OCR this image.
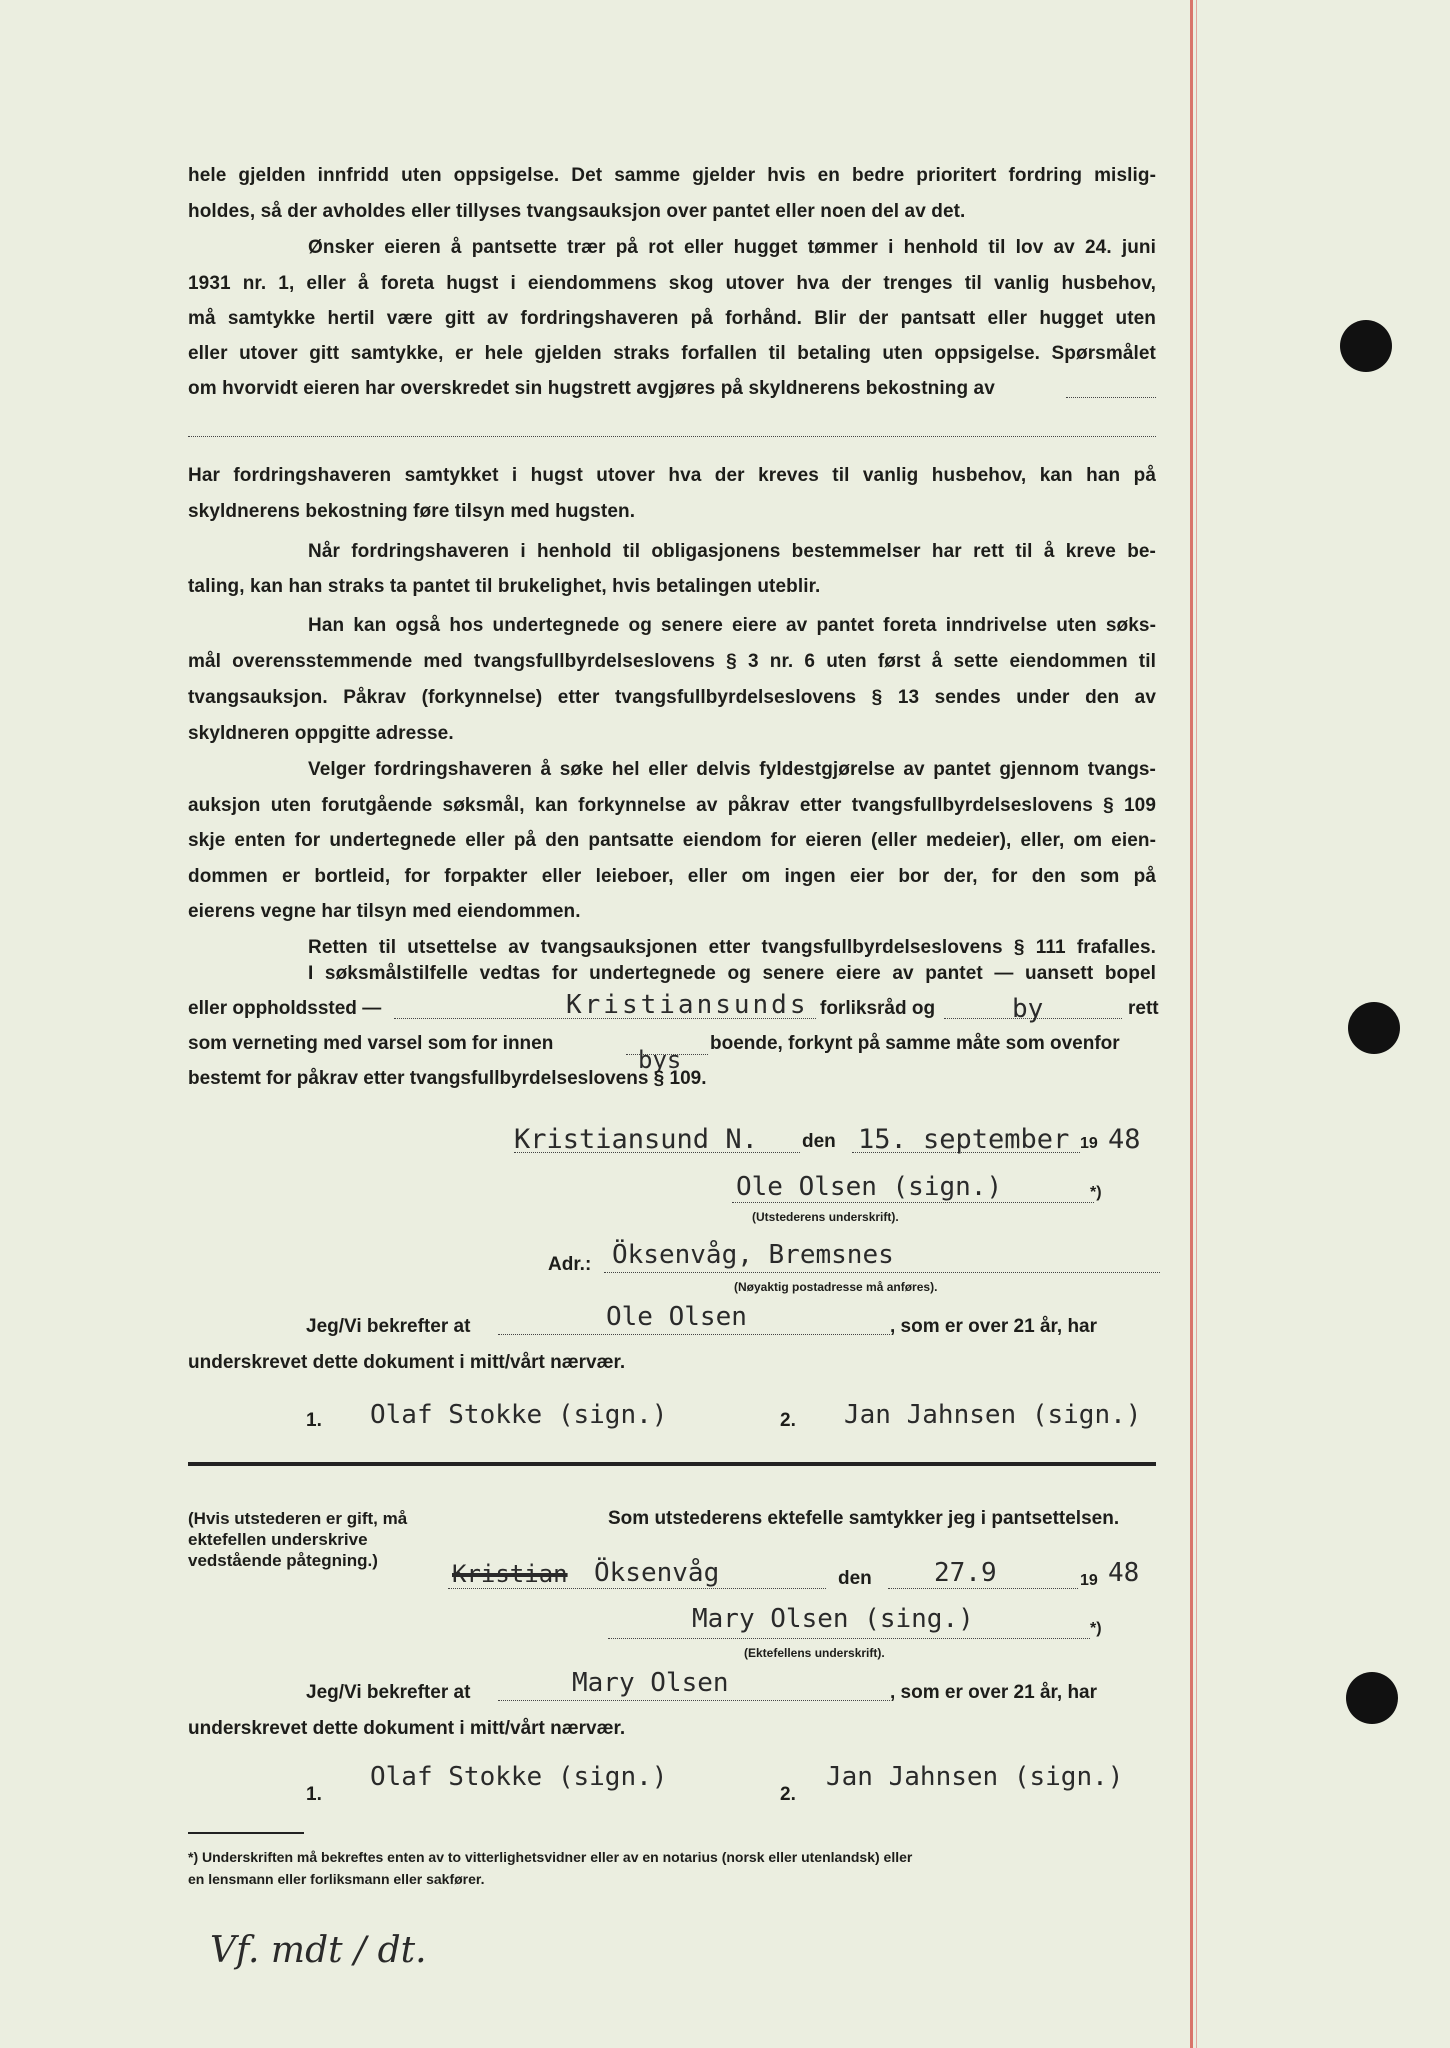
hele gjelden innfridd uten oppsigelse. Det samme gjelder hvis en bedre prioritert fordring mislig-
holdes, så der avholdes eller tillyses tvangsauksjon over pantet eller noen del av det.
Ønsker eieren å pantsette trær på rot eller hugget tømmer i henhold til lov av 24. juni
1931 nr. 1, eller å foreta hugst i eiendommens skog utover hva der trenges til vanlig husbehov,
må samtykke hertil være gitt av fordringshaveren på forhånd. Blir der pantsatt eller hugget uten
eller utover gitt samtykke, er hele gjelden straks forfallen til betaling uten oppsigelse. Spørsmålet
om hvorvidt eieren har overskredet sin hugstrett avgjøres på skyldnerens bekostning av
Har fordringshaveren samtykket i hugst utover hva der kreves til vanlig husbehov, kan han på
skyldnerens bekostning føre tilsyn med hugsten.
Når fordringshaveren i henhold til obligasjonens bestemmelser har rett til å kreve be-
taling, kan han straks ta pantet til brukelighet, hvis betalingen uteblir.
Han kan også hos undertegnede og senere eiere av pantet foreta inndrivelse uten søks-
mål overensstemmende med tvangsfullbyrdelseslovens § 3 nr. 6 uten først å sette eiendommen til
tvangsauksjon. Påkrav (forkynnelse) etter tvangsfullbyrdelseslovens § 13 sendes under den av
skyldneren oppgitte adresse.
Velger fordringshaveren å søke hel eller delvis fyldestgjørelse av pantet gjennom tvangs-
auksjon uten forutgående søksmål, kan forkynnelse av påkrav etter tvangsfullbyrdelseslovens § 109
skje enten for undertegnede eller på den pantsatte eiendom for eieren (eller medeier), eller, om eien-
dommen er bortleid, for forpakter eller leieboer, eller om ingen eier bor der, for den som på
eierens vegne har tilsyn med eiendommen.
Retten til utsettelse av tvangsauksjonen etter tvangsfullbyrdelseslovens § 111 frafalles.
I søksmålstilfelle vedtas for undertegnede og senere eiere av pantet — uansett bopel
eller oppholdssted —	Kristiansunds forliksråd og	by	rett
som verneting med varsel som for innen
bys
boende, forkynt på samme måte som ovenfor
bestemt for påkrav etter tvangsfullbyrdelseslovens § 109.
Kristiansund N. den 15. september 19 48
Ole Olsen (sign.)	*)
(Utstederens underskrift).
Adr.: Öksenvåg, Bremsnes
(Nøyaktig postadresse må anføres).
Jeg/Vi bekrefter at	Ole Olsen	, som er over 21 år, har
underskrevet dette dokument i mitt/vårt nærvær.
1. Olaf Stokke (sign.)	2. Jan Jahnsen (sign.)
(Hvis utstederen er gift, må ektefellen underskrive vedstående påtegning.)
Som utstederens ektefelle samtykker jeg i pantsettelsen.
Kristian Öksenvåg	den 27.9	19 48
Mary Olsen (sing.)	*)
(Ektefellens underskrift).
Jeg/Vi bekrefter at	Mary Olsen	, som er over 21 år, har
underskrevet dette dokument i mitt/vårt nærvær.
1.
Olaf Stokke (sign.)
2.
Jan Jahnsen (sign.)
*) Underskriften må bekreftes enten av to vitterlighetsvidner eller av en notarius (norsk eller utenlandsk) eller
en lensmann eller forliksmann eller sakfører.
Vf. mdt / dt.
